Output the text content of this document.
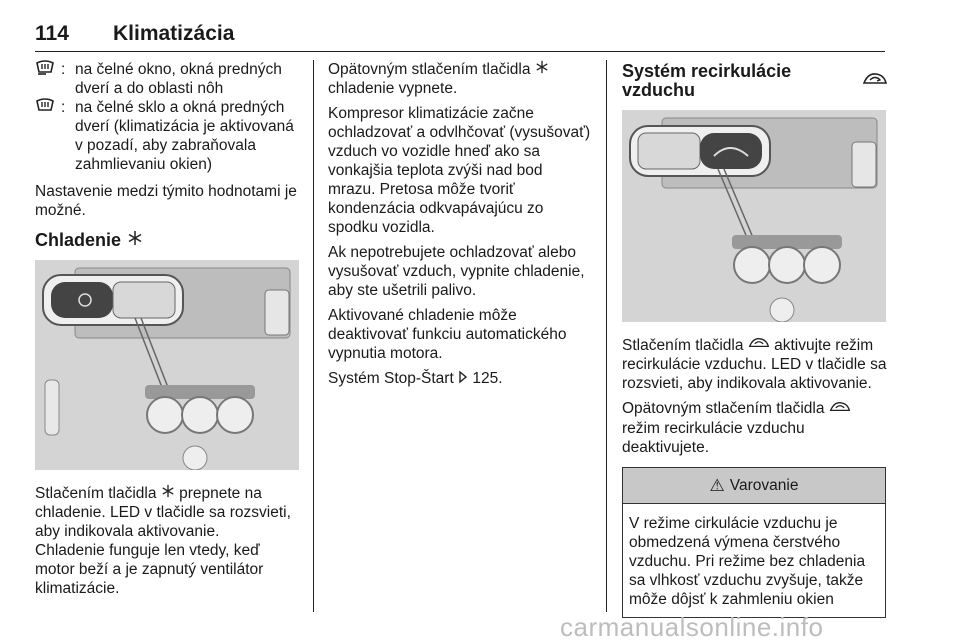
114 Klimatizácia
: na čelné okno, okná predných dverí a do oblasti nôh
: na čelné sklo a okná predných dverí (klimatizácia je aktivovaná v pozadí, aby zabraňovala zahmlievaniu okien)

Nastavenie medzi týmito hodnotami je možné.

Chladenie

Stlačením tlačidla prepnete na chladenie. LED v tlačidle sa rozsvieti, aby indikovala aktivovanie.

Chladenie funguje len vtedy, keď motor beží a je zapnutý ventilátor klimatizácie.

Opätovným stlačením tlačidla  chladenie vypnete.

Kompresor klimatizácie začne ochladzovať a odvlhčovať (vysušovať) vzduch vo vozidle hneď ako sa vonkajšia teplota zvýši nad bod mrazu. Pretosa môže tvoriť kondenzácia odkvapávajúcu zo spodku vozidla.

Ak nepotrebujete ochladzovať alebo vysušovať vzduch, vypnite chladenie, aby ste ušetrili palivo.

Aktivované chladenie môže deaktivovať funkciu automatického vypnutia motora.

Systém Stop-Štart 125.

Systém recirkulácie vzduchu

Stlačením tlačidla aktivujte režim recirkulácie vzduchu. LED v tlačidle sa rozsvieti, aby indikovala aktivovanie.

Opätovným stlačením tlačidla  režim recirkulácie vzduchu deaktivujete.

⚠ Varovanie
V režime cirkulácie vzduchu je obmedzená výmena čerstvého vzduchu. Pri režime bez chladenia sa vlhkosť vzduchu zvyšuje, takže môže dôjsť k zahmleniu okien
carmanualsonline.info
